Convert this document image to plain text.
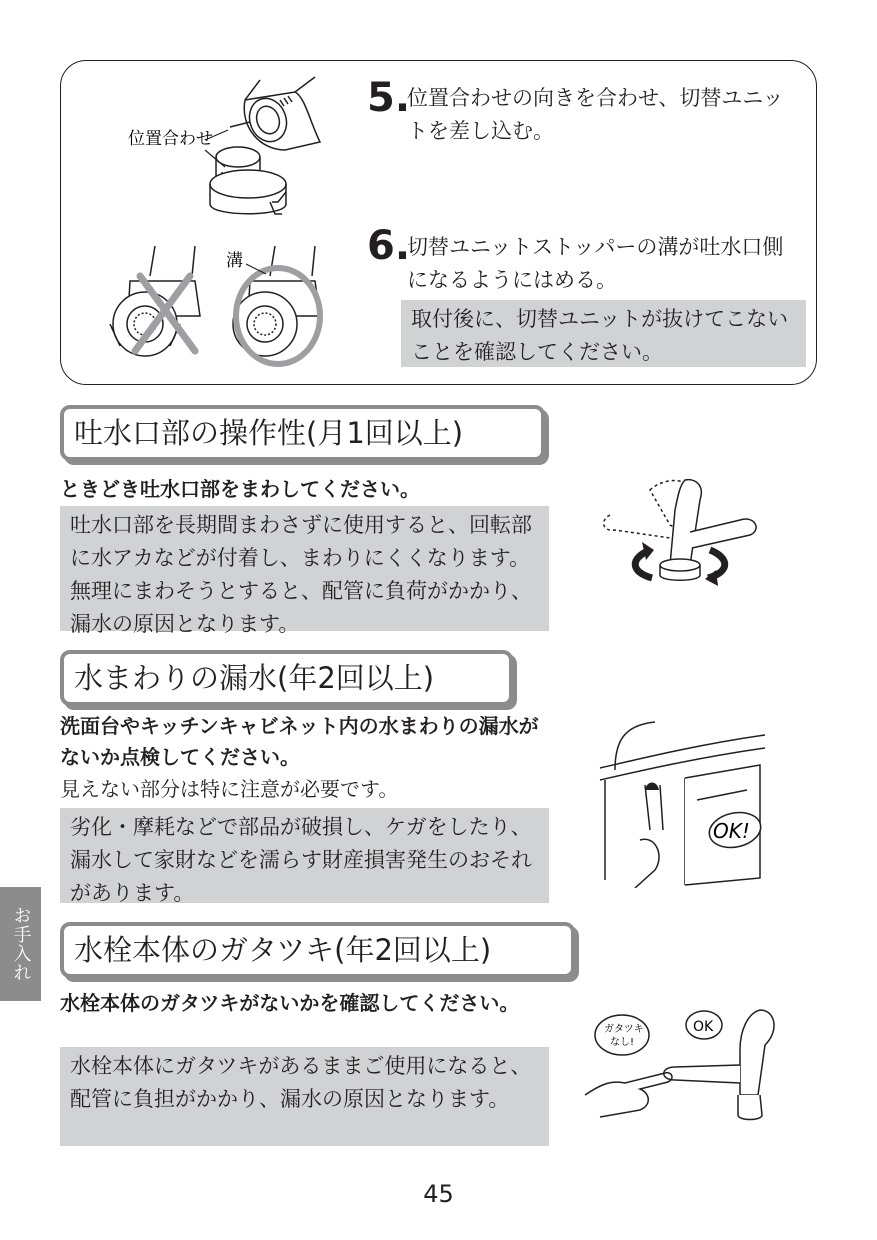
位置合わせ
溝
5.
位置合わせの向きを合わせ、切替ユニットを差し込む。
6.
切替ユニットストッパーの溝が吐水口側になるようにはめる。
取付後に、切替ユニットが抜けてこないことを確認してください。
吐水口部の操作性(月1回以上)
ときどき吐水口部をまわしてください。
吐水口部を長期間まわさずに使用すると、回転部に水アカなどが付着し、まわりにくくなります。無理にまわそうとすると、配管に負荷がかかり、漏水の原因となります。
水まわりの漏水(年2回以上)
洗面台やキッチンキャビネット内の水まわりの漏水がないか点検してください。
見えない部分は特に注意が必要です。
劣化・摩耗などで部品が破損し、ケガをしたり、漏水して家財などを濡らす財産損害発生のおそれがあります。
OK!
水栓本体のガタツキ(年2回以上)
水栓本体のガタツキがないかを確認してください。
水栓本体にガタツキがあるままご使用になると、配管に負担がかかり、漏水の原因となります。
ガタツキ
なし!
OK
お手入れ
45
